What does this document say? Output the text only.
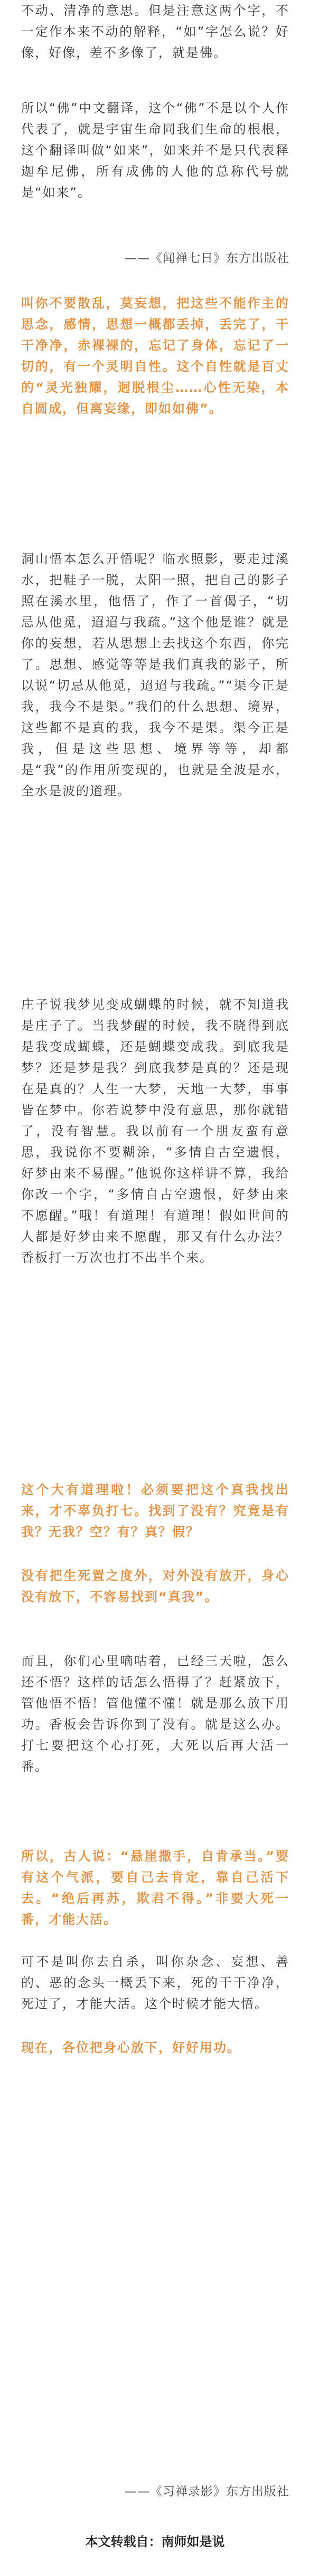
不动、清净的意思。但是注意这两个字，不一定作本来不动的解释，“如”字怎么说？好像，好像，差不多像了，就是佛。

所以“佛”中文翻译，这个“佛”不是以个人作代表了，就是宇宙生命同我们生命的根根，这个翻译叫做“如来”，如来并不是只代表释迦牟尼佛，所有成佛的人他的总称代号就是“如来”。

——《闻禅七日》东方出版社

叫你不要散乱，莫妄想，把这些不能作主的思念，感情，思想一概都丢掉，丢完了，干干净净，赤裸裸的，忘记了身体，忘记了一切的，有一个灵明自性。这个自性就是百丈的“灵光独耀，迥脱根尘……心性无染，本自圆成，但离妄缘，即如如佛”。

洞山悟本怎么开悟呢？临水照影，要走过溪水，把鞋子一脱，太阳一照，把自己的影子照在溪水里，他悟了，作了一首偈子，“切忌从他觅，迢迢与我疏。”这个他是谁？就是你的妄想，若从思想上去找这个东西，你完了。思想、感觉等等是我们真我的影子，所以说“切忌从他觅，迢迢与我疏。”“渠今正是我，我今不是渠。”我们的什么思想、境界，这些都不是真的我，我今不是渠。渠今正是我，但是这些思想、境界等等，却都是“我”的作用所变现的，也就是全波是水，全水是波的道理。

庄子说我梦见变成蝴蝶的时候，就不知道我是庄子了。当我梦醒的时候，我不晓得到底是我变成蝴蝶，还是蝴蝶变成我。到底我是梦？还是梦是我？到底我梦是真的？还是现在是真的？人生一大梦，天地一大梦，事事皆在梦中。你若说梦中没有意思，那你就错了，没有智慧。我以前有一个朋友蛮有意思，我说你不要糊涂，“多情自古空遗恨，好梦由来不易醒。”他说你这样讲不算，我给你改一个字，“多情自古空遗恨，好梦由来不愿醒。”哦！有道理！有道理！假如世间的人都是好梦由来不愿醒，那又有什么办法？香板打一万次也打不出半个来。

这个大有道理啦！必须要把这个真我找出来，才不辜负打七。找到了没有？究竟是有我？无我？空？有？真？假？

没有把生死置之度外，对外没有放开，身心没有放下，不容易找到“真我”。

而且，你们心里嘀咕着，已经三天啦，怎么还不悟？这样的话怎么悟得了？赶紧放下，管他悟不悟！管他懂不懂！就是那么放下用功。香板会告诉你到了没有。就是这么办。打七要把这个心打死，大死以后再大活一番。

所以，古人说：“悬崖撒手，自肯承当。”要有这个气派，要自己去肯定，靠自己活下去。“绝后再苏，欺君不得。”非要大死一番，才能大活。

可不是叫你去自杀，叫你杂念、妄想、善的、恶的念头一概丢下来，死的干干净净，死过了，才能大活。这个时候才能大悟。

现在，各位把身心放下，好好用功。

——《习禅录影》东方出版社
本文转载自：南师如是说
